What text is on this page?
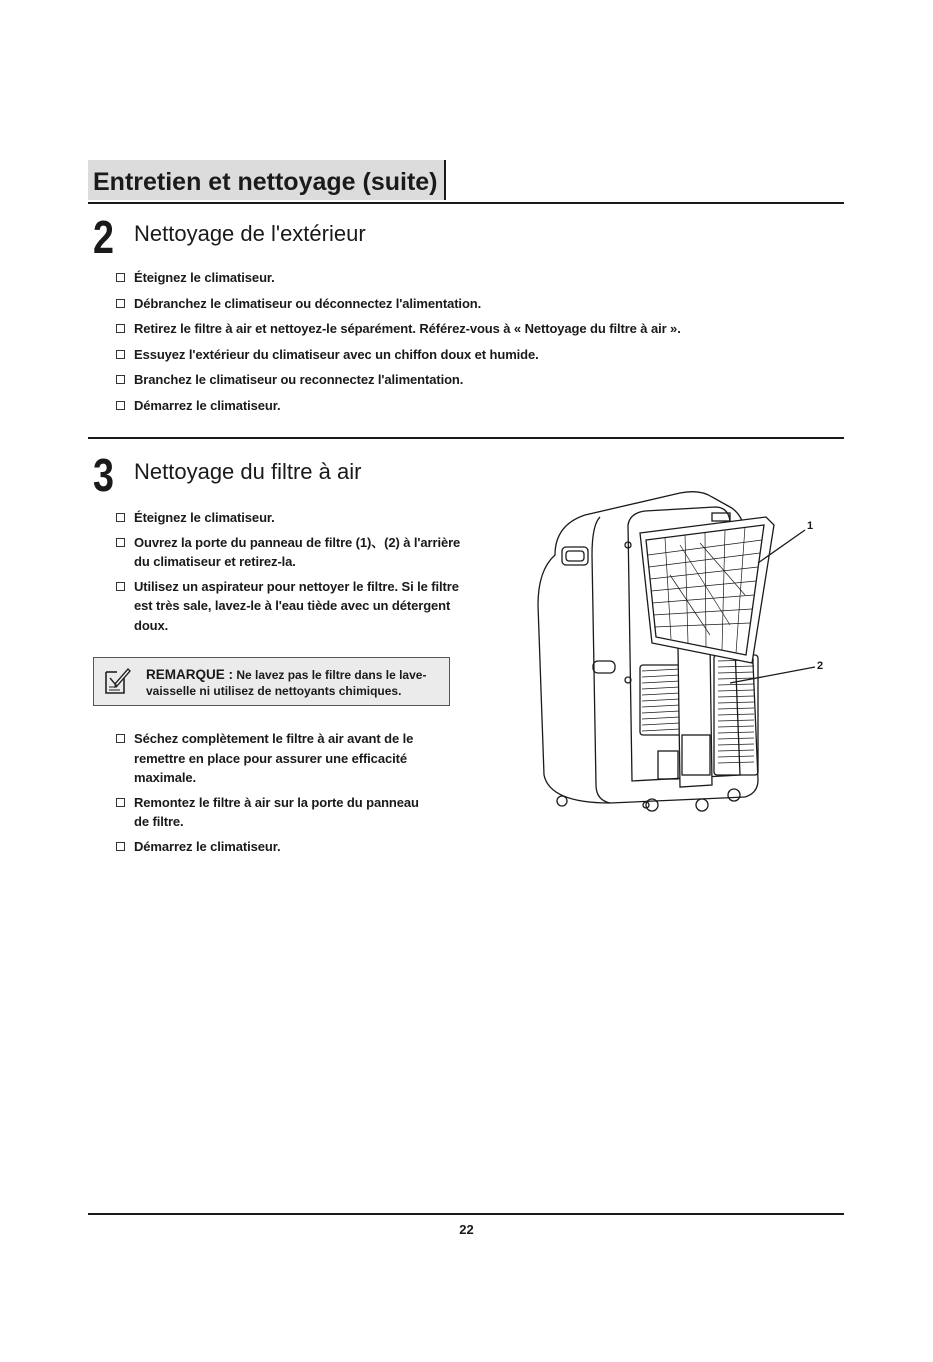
Entretien et nettoyage (suite)
2 Nettoyage de l'extérieur
Éteignez le climatiseur.
Débranchez le climatiseur ou déconnectez l'alimentation.
Retirez le filtre à air et nettoyez-le séparément. Référez-vous à « Nettoyage du filtre à air ».
Essuyez l'extérieur du climatiseur avec un chiffon doux et humide.
Branchez le climatiseur ou reconnectez l'alimentation.
Démarrez le climatiseur.
3 Nettoyage du filtre à air
Éteignez le climatiseur.
Ouvrez la porte du panneau de filtre (1)、(2) à l'arrière du climatiseur et retirez-la.
Utilisez un aspirateur pour nettoyer le filtre. Si le filtre est très sale, lavez-le à l'eau tiède avec un détergent doux.
Séchez complètement le filtre à air avant de le remettre en place pour assurer une efficacité maximale.
Remontez le filtre à air sur la porte du panneau de filtre.
Démarrez le climatiseur.
REMARQUE : Ne lavez pas le filtre dans le lave-vaisselle ni utilisez de nettoyants chimiques.
1
2
22
